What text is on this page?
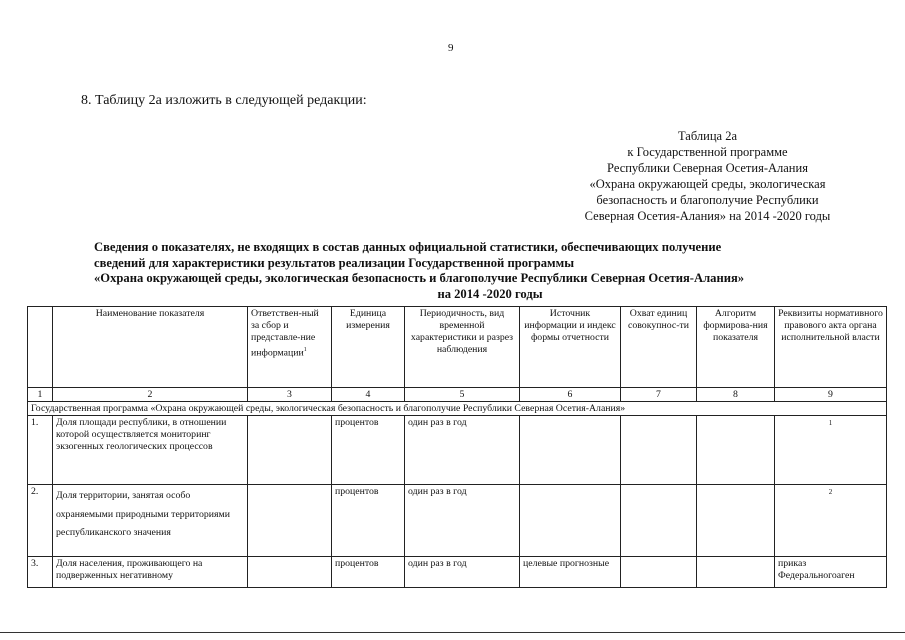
9
8. Таблицу 2а изложить в следующей редакции:
Таблица 2а
к Государственной программе
Республики Северная Осетия-Алания
«Охрана окружающей среды, экологическая
безопасность и благополучие Республики
Северная Осетия-Алания» на 2014 -2020 годы
Сведения о показателях, не входящих в состав данных официальной статистики, обеспечивающих получение
сведений для характеристики результатов реализации Государственной программы
«Охрана окружающей среды, экологическая безопасность и благополучие Республики Северная Осетия-Алания»
на 2014 -2020 годы
	Наименование показателя	Ответствен-ный за сбор и представле-ние информации$^1$	Единица измерения	Периодичность, вид временной характеристики и разрез наблюдения	Источник информации и индекс формы отчетности	Охват единиц совокупнос-ти	Алгоритм формирова-ния показателя	Реквизиты нормативного правового акта органа исполнительной власти
1	2	3	4	5	6	7	8	9
Государственная программа «Охрана окружающей среды, экологическая безопасность и благополучие Республики Северная Осетия-Алания»								
1.	Доля площади республики, в отношении которой осуществляется мониторинг экзогенных геологических процессов		процентов	один раз в год				1
2.	Доля территории, занятая особо охраняемыми природными территориями республиканского значения		процентов	один раз в год				2
3.	Доля населения, проживающего на подверженных негативному		процентов	один раз в год	целевые прогнозные			приказ Федеральногоаген
